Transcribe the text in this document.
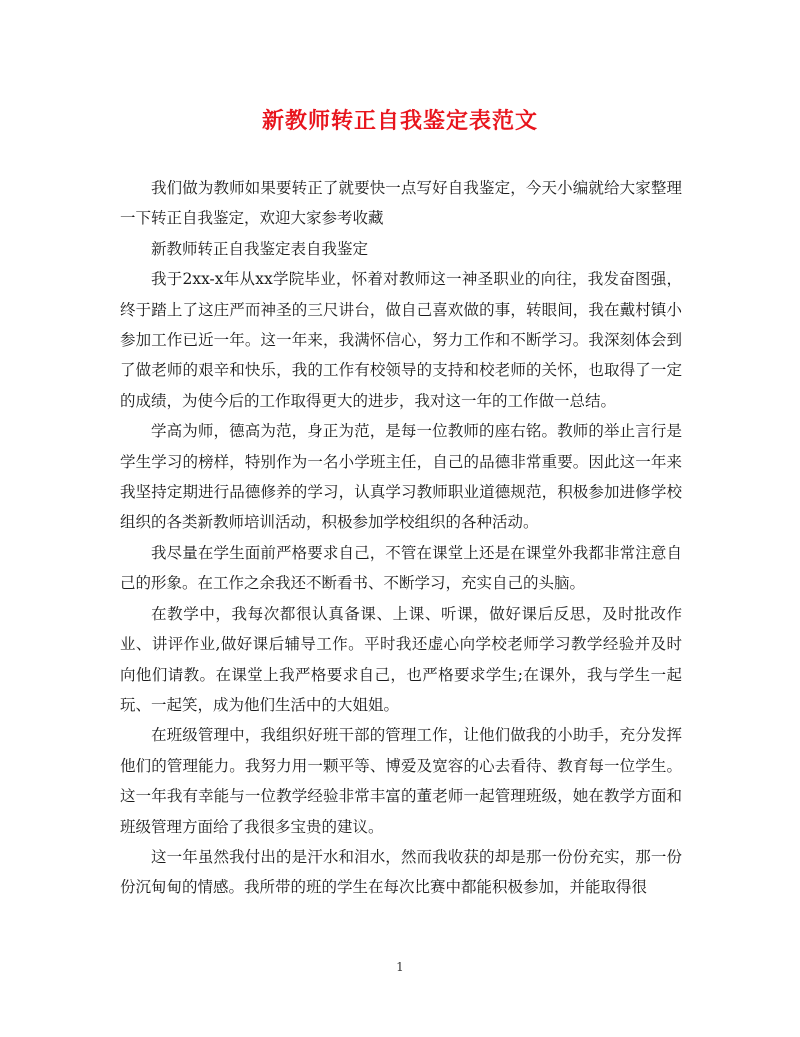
新教师转正自我鉴定表范文

我们做为教师如果要转正了就要快一点写好自我鉴定，今天小编就给大家整理一下转正自我鉴定，欢迎大家参考收藏

新教师转正自我鉴定表自我鉴定

我于2xx-x年从xx学院毕业，怀着对教师这一神圣职业的向往，我发奋图强，终于踏上了这庄严而神圣的三尺讲台，做自己喜欢做的事，转眼间，我在戴村镇小参加工作已近一年。这一年来，我满怀信心，努力工作和不断学习。我深刻体会到了做老师的艰辛和快乐，我的工作有校领导的支持和校老师的关怀，也取得了一定的成绩，为使今后的工作取得更大的进步，我对这一年的工作做一总结。

学高为师，德高为范，身正为范，是每一位教师的座右铭。教师的举止言行是学生学习的榜样，特别作为一名小学班主任，自己的品德非常重要。因此这一年来我坚持定期进行品德修养的学习，认真学习教师职业道德规范，积极参加进修学校组织的各类新教师培训活动，积极参加学校组织的各种活动。

我尽量在学生面前严格要求自己，不管在课堂上还是在课堂外我都非常注意自己的形象。在工作之余我还不断看书、不断学习，充实自己的头脑。

在教学中，我每次都很认真备课、上课、听课，做好课后反思，及时批改作业、讲评作业,做好课后辅导工作。平时我还虚心向学校老师学习教学经验并及时向他们请教。在课堂上我严格要求自己，也严格要求学生;在课外，我与学生一起玩、一起笑，成为他们生活中的大姐姐。

在班级管理中，我组织好班干部的管理工作，让他们做我的小助手，充分发挥他们的管理能力。我努力用一颗平等、博爱及宽容的心去看待、教育每一位学生。这一年我有幸能与一位教学经验非常丰富的董老师一起管理班级，她在教学方面和班级管理方面给了我很多宝贵的建议。

这一年虽然我付出的是汗水和泪水，然而我收获的却是那一份份充实，那一份份沉甸甸的情感。我所带的班的学生在每次比赛中都能积极参加，并能取得很

1
